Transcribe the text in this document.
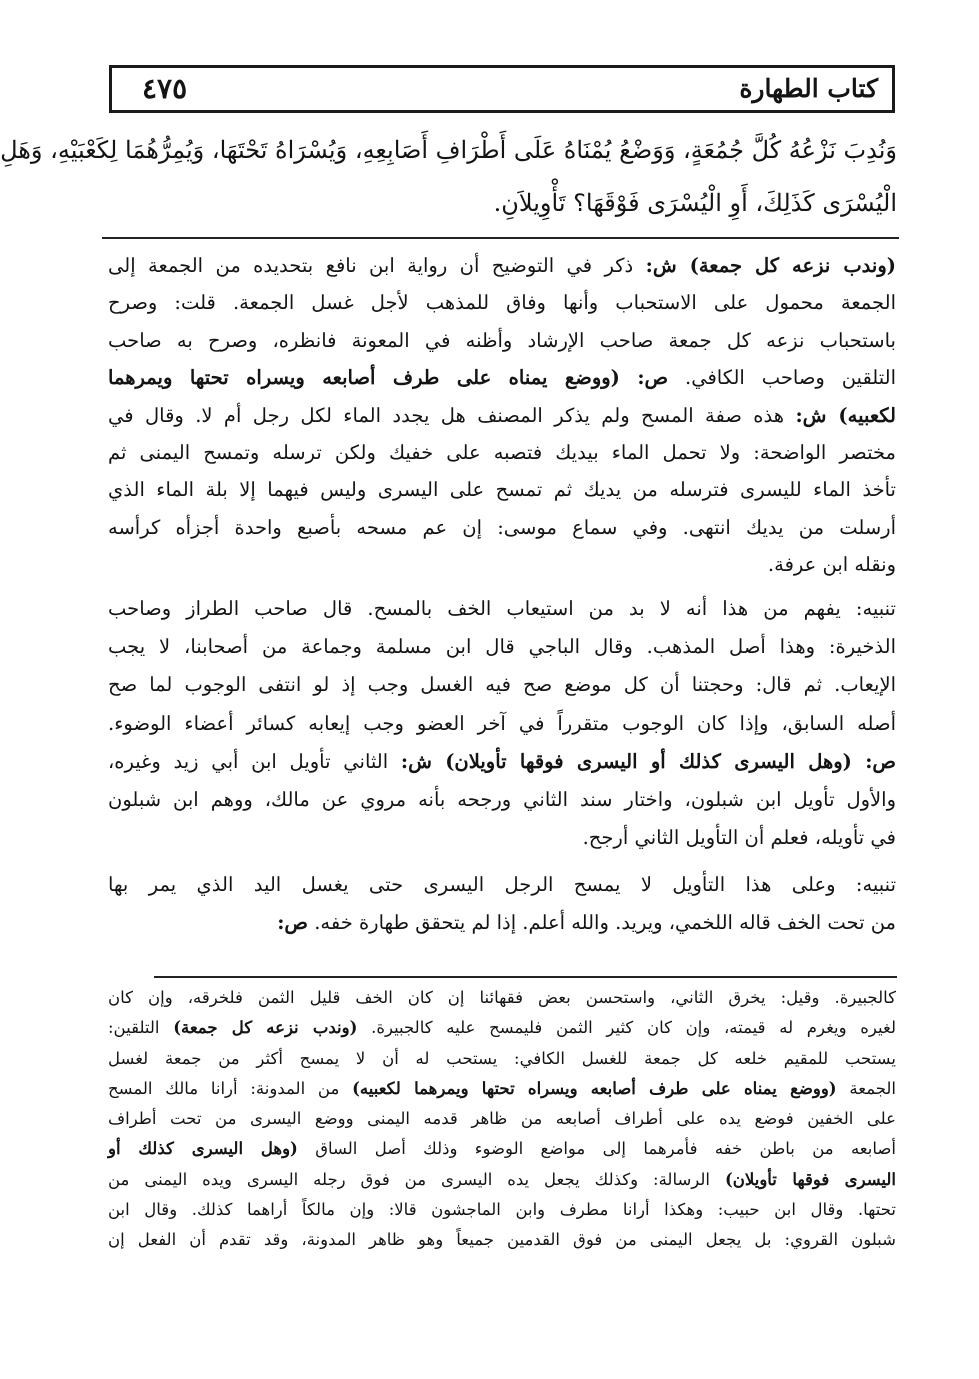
كتاب الطهارة
٤٧٥
وَنُدِبَ نَزْعُهُ كُلَّ جُمُعَةٍ، وَوَضْعُ يُمْنَاهُ عَلَى أَطْرَافِ أَصَابِعِهِ، وَيُسْرَاهُ تَحْتَهَا، وَيُمِرُّهُمَا لِكَعْبَيْهِ، وَهَلِ
الْيُسْرَى كَذَلِكَ، أَوِ الْيُسْرَى فَوْقَهَا؟ تَأْوِيلاَنِ.
(وندب نزعه كل جمعة) ش: ذكر في التوضيح أن رواية ابن نافع بتحديده من الجمعة إلى
الجمعة محمول على الاستحباب وأنها وفاق للمذهب لأجل غسل الجمعة. قلت: وصرح
باستحباب نزعه كل جمعة صاحب الإرشاد وأظنه في المعونة فانظره، وصرح به صاحب
التلقين وصاحب الكافي. ص: (ووضع يمناه على طرف أصابعه ويسراه تحتها ويمرهما
لكعبيه) ش: هذه صفة المسح ولم يذكر المصنف هل يجدد الماء لكل رجل أم لا. وقال في
مختصر الواضحة: ولا تحمل الماء بيديك فتصبه على خفيك ولكن ترسله وتمسح اليمنى ثم
تأخذ الماء لليسرى فترسله من يديك ثم تمسح على اليسرى وليس فيهما إلا بلة الماء الذي
أرسلت من يديك انتهى. وفي سماع موسى: إن عم مسحه بأصبع واحدة أجزأه كرأسه
ونقله ابن عرفة.
تنبيه: يفهم من هذا أنه لا بد من استيعاب الخف بالمسح. قال صاحب الطراز وصاحب
الذخيرة: وهذا أصل المذهب. وقال الباجي قال ابن مسلمة وجماعة من أصحابنا، لا يجب
الإيعاب. ثم قال: وحجتنا أن كل موضع صح فيه الغسل وجب إذ لو انتفى الوجوب لما صح
أصله السابق، وإذا كان الوجوب متقرراً في آخر العضو وجب إيعابه كسائر أعضاء الوضوء.
ص: (وهل اليسرى كذلك أو اليسرى فوقها تأويلان) ش: الثاني تأويل ابن أبي زيد وغيره،
والأول تأويل ابن شبلون، واختار سند الثاني ورجحه بأنه مروي عن مالك، ووهم ابن شبلون
في تأويله، فعلم أن التأويل الثاني أرجح.
تنبيه: وعلى هذا التأويل لا يمسح الرجل اليسرى حتى يغسل اليد الذي يمر بها
من تحت الخف قاله اللخمي، ويريد. والله أعلم. إذا لم يتحقق طهارة خفه. ص:
كالجبيرة. وقيل: يخرق الثاني، واستحسن بعض فقهائنا إن كان الخف قليل الثمن فلخرقه، وإن كان
لغيره ويغرم له قيمته، وإن كان كثير الثمن فليمسح عليه كالجبيرة. (وندب نزعه كل جمعة) التلقين:
يستحب للمقيم خلعه كل جمعة للغسل الكافي: يستحب له أن لا يمسح أكثر من جمعة لغسل
الجمعة (ووضع يمناه على طرف أصابعه ويسراه تحتها ويمرهما لكعبيه) من المدونة: أرانا مالك المسح
على الخفين فوضع يده على أطراف أصابعه من ظاهر قدمه اليمنى ووضع اليسرى من تحت أطراف
أصابعه من باطن خفه فأمرهما إلى مواضع الوضوء وذلك أصل الساق (وهل اليسرى كذلك أو
اليسرى فوقها تأويلان) الرسالة: وكذلك يجعل يده اليسرى من فوق رجله اليسرى ويده اليمنى من
تحتها. وقال ابن حبيب: وهكذا أرانا مطرف وابن الماجشون قالا: وإن مالكاً أراهما كذلك. وقال ابن
شبلون القروي: بل يجعل اليمنى من فوق القدمين جميعاً وهو ظاهر المدونة، وقد تقدم أن الفعل إن
